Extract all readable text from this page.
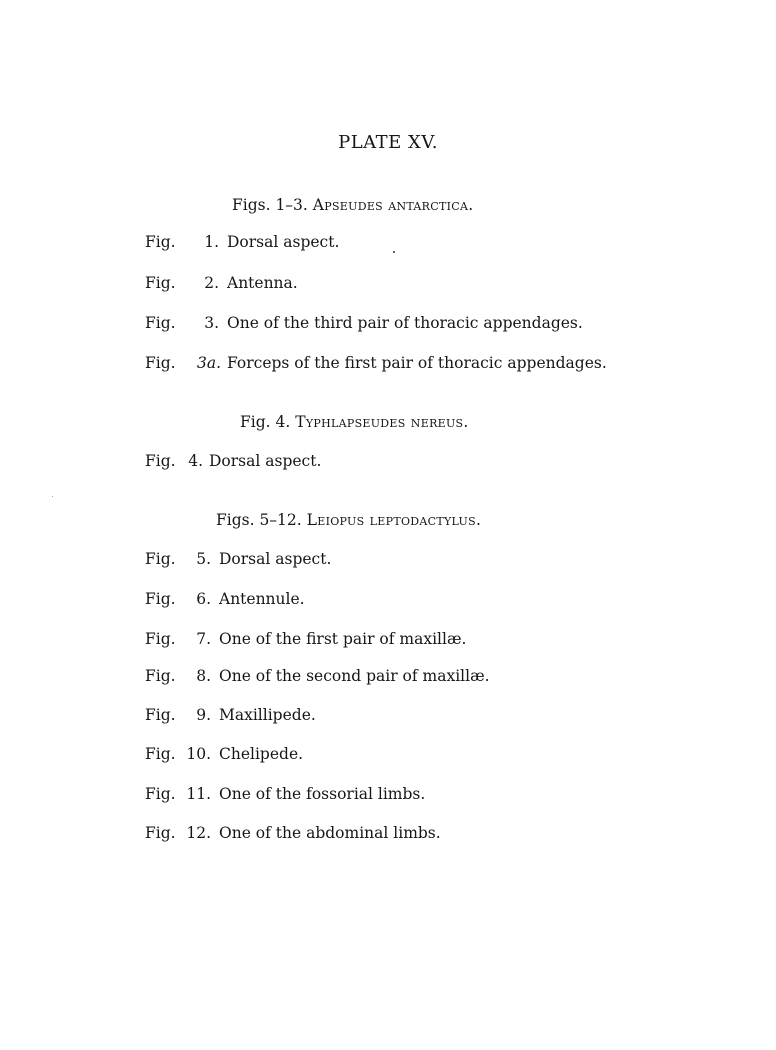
PLATE XV.
Figs. 1–3. Apseudes antarctica.
Fig. 1. Dorsal aspect.
Fig. 2. Antenna.
Fig. 3. One of the third pair of thoracic appendages.
Fig. 3a. Forceps of the first pair of thoracic appendages.
Fig. 4. Typhlapseudes nereus.
Fig. 4. Dorsal aspect.
Figs. 5–12. Leiopus leptodactylus.
Fig. 5. Dorsal aspect.
Fig. 6. Antennule.
Fig. 7. One of the first pair of maxillæ.
Fig. 8. One of the second pair of maxillæ.
Fig. 9. Maxillipede.
Fig. 10. Chelipede.
Fig. 11. One of the fossorial limbs.
Fig. 12. One of the abdominal limbs.
